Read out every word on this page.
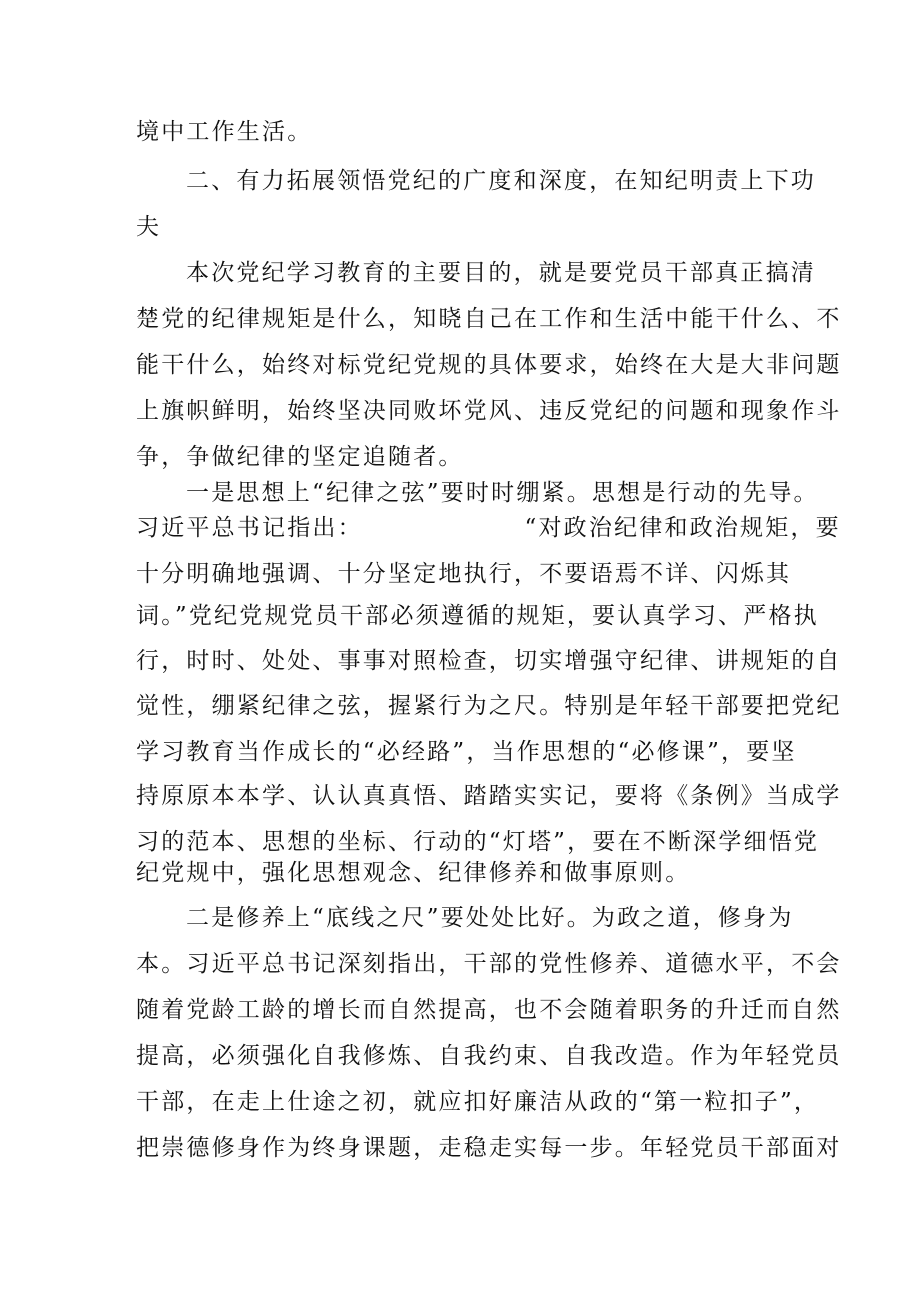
境中工作生活。
二、有力拓展领悟党纪的广度和深度，在知纪明责上下功
夫
本次党纪学习教育的主要目的，就是要党员干部真正搞清
楚党的纪律规矩是什么，知晓自己在工作和生活中能干什么、不
能干什么，始终对标党纪党规的具体要求，始终在大是大非问题
上旗帜鲜明，始终坚决同败坏党风、违反党纪的问题和现象作斗
争，争做纪律的坚定追随者。
一是思想上“纪律之弦”要时时绷紧。思想是行动的先导。
习近平总书记指出：                 “对政治纪律和政治规矩，要
十分明确地强调、十分坚定地执行，不要语焉不详、闪烁其
词。”党纪党规党员干部必须遵循的规矩，要认真学习、严格执
行，时时、处处、事事对照检查，切实增强守纪律、讲规矩的自
觉性，绷紧纪律之弦，握紧行为之尺。特别是年轻干部要把党纪
学习教育当作成长的“必经路”，当作思想的“必修课”，要坚
持原原本本学、认认真真悟、踏踏实实记，要将《条例》当成学
习的范本、思想的坐标、行动的“灯塔”，要在不断深学细悟党
纪党规中，强化思想观念、纪律修养和做事原则。
二是修养上“底线之尺”要处处比好。为政之道，修身为
本。习近平总书记深刻指出，干部的党性修养、道德水平，不会
随着党龄工龄的增长而自然提高，也不会随着职务的升迁而自然
提高，必须强化自我修炼、自我约束、自我改造。作为年轻党员
干部，在走上仕途之初，就应扣好廉洁从政的“第一粒扣子”，
把崇德修身作为终身课题，走稳走实每一步。年轻党员干部面对
